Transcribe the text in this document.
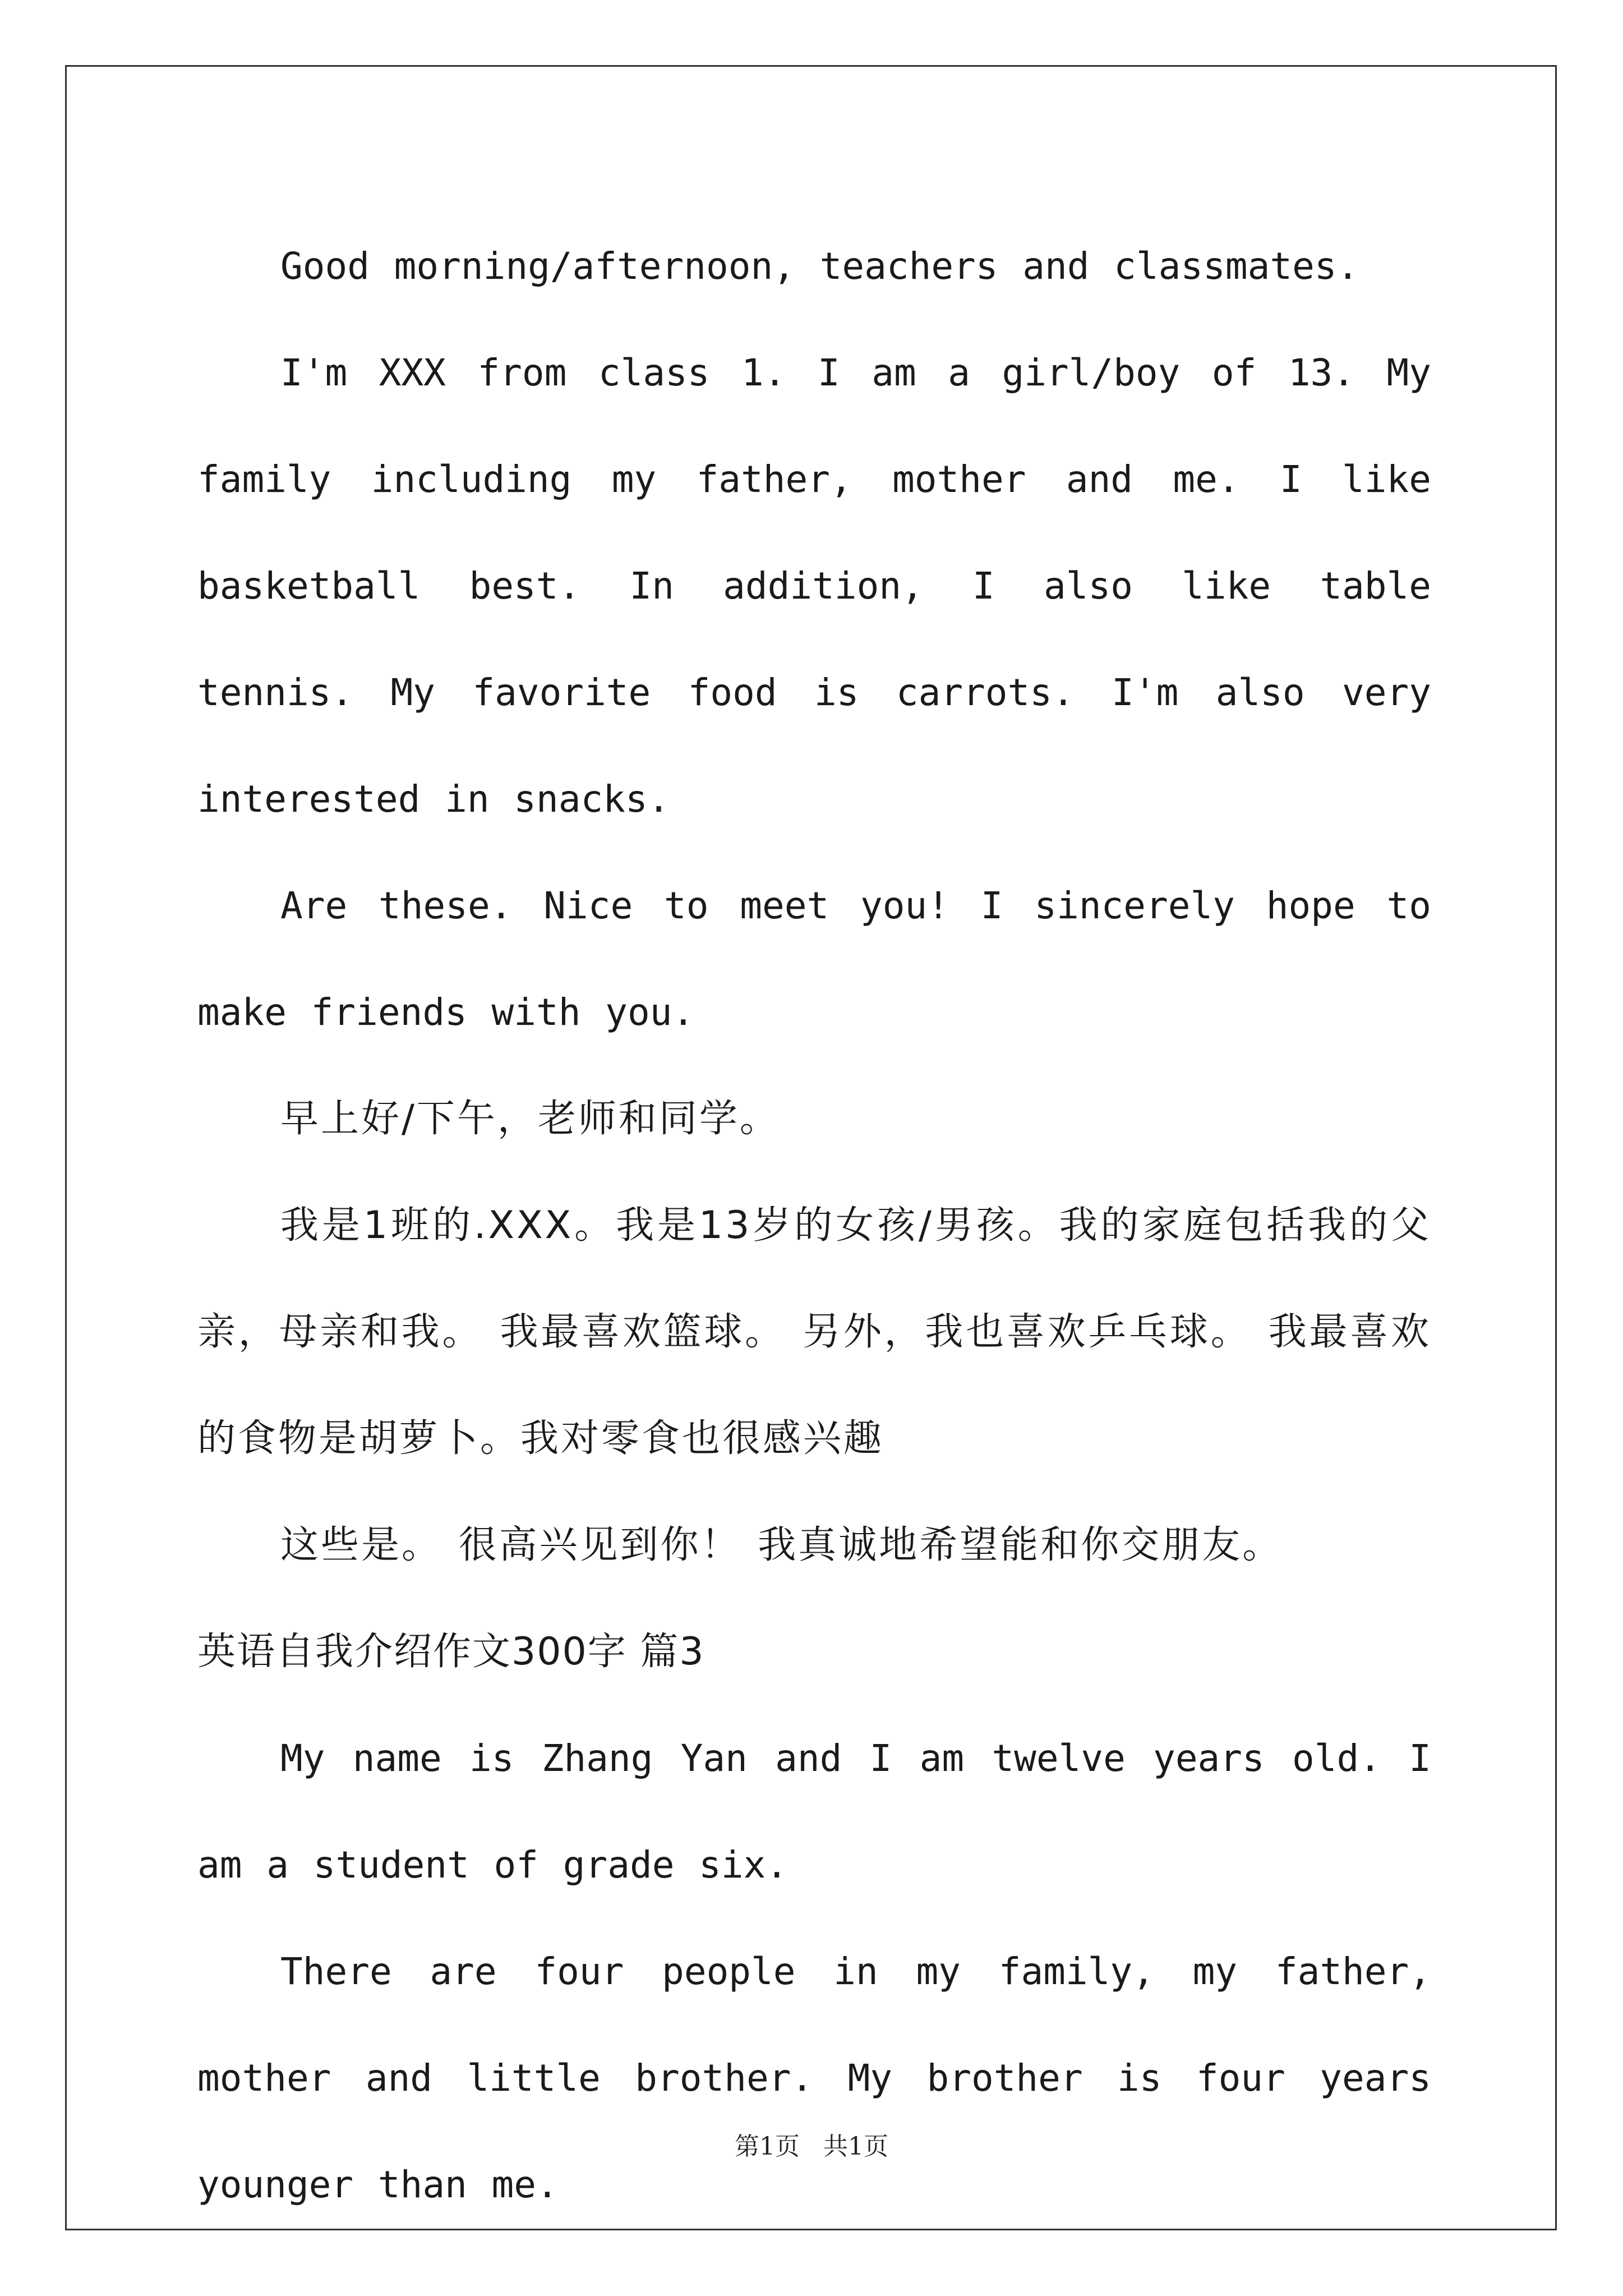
Good morning/afternoon, teachers and classmates.

I'm XXX from class 1. I am a girl/boy of 13. My family including my father, mother and me. I like basketball best. In addition, I also like table tennis. My favorite food is carrots. I'm also very interested in snacks.

Are these. Nice to meet you! I sincerely hope to make friends with you.

早上好/下午，老师和同学。

我是1班的.XXX。我是13岁的女孩/男孩。我的家庭包括我的父亲，母亲和我。 我最喜欢篮球。 另外，我也喜欢乒乓球。 我最喜欢的食物是胡萝卜。我对零食也很感兴趣

这些是。 很高兴见到你！ 我真诚地希望能和你交朋友。

英语自我介绍作文300字 篇3

My name is Zhang Yan and I am twelve years old. I am a student of grade six.

There are four people in my family, my father, mother and little brother. My brother is four years younger than me.

第1页 共1页
